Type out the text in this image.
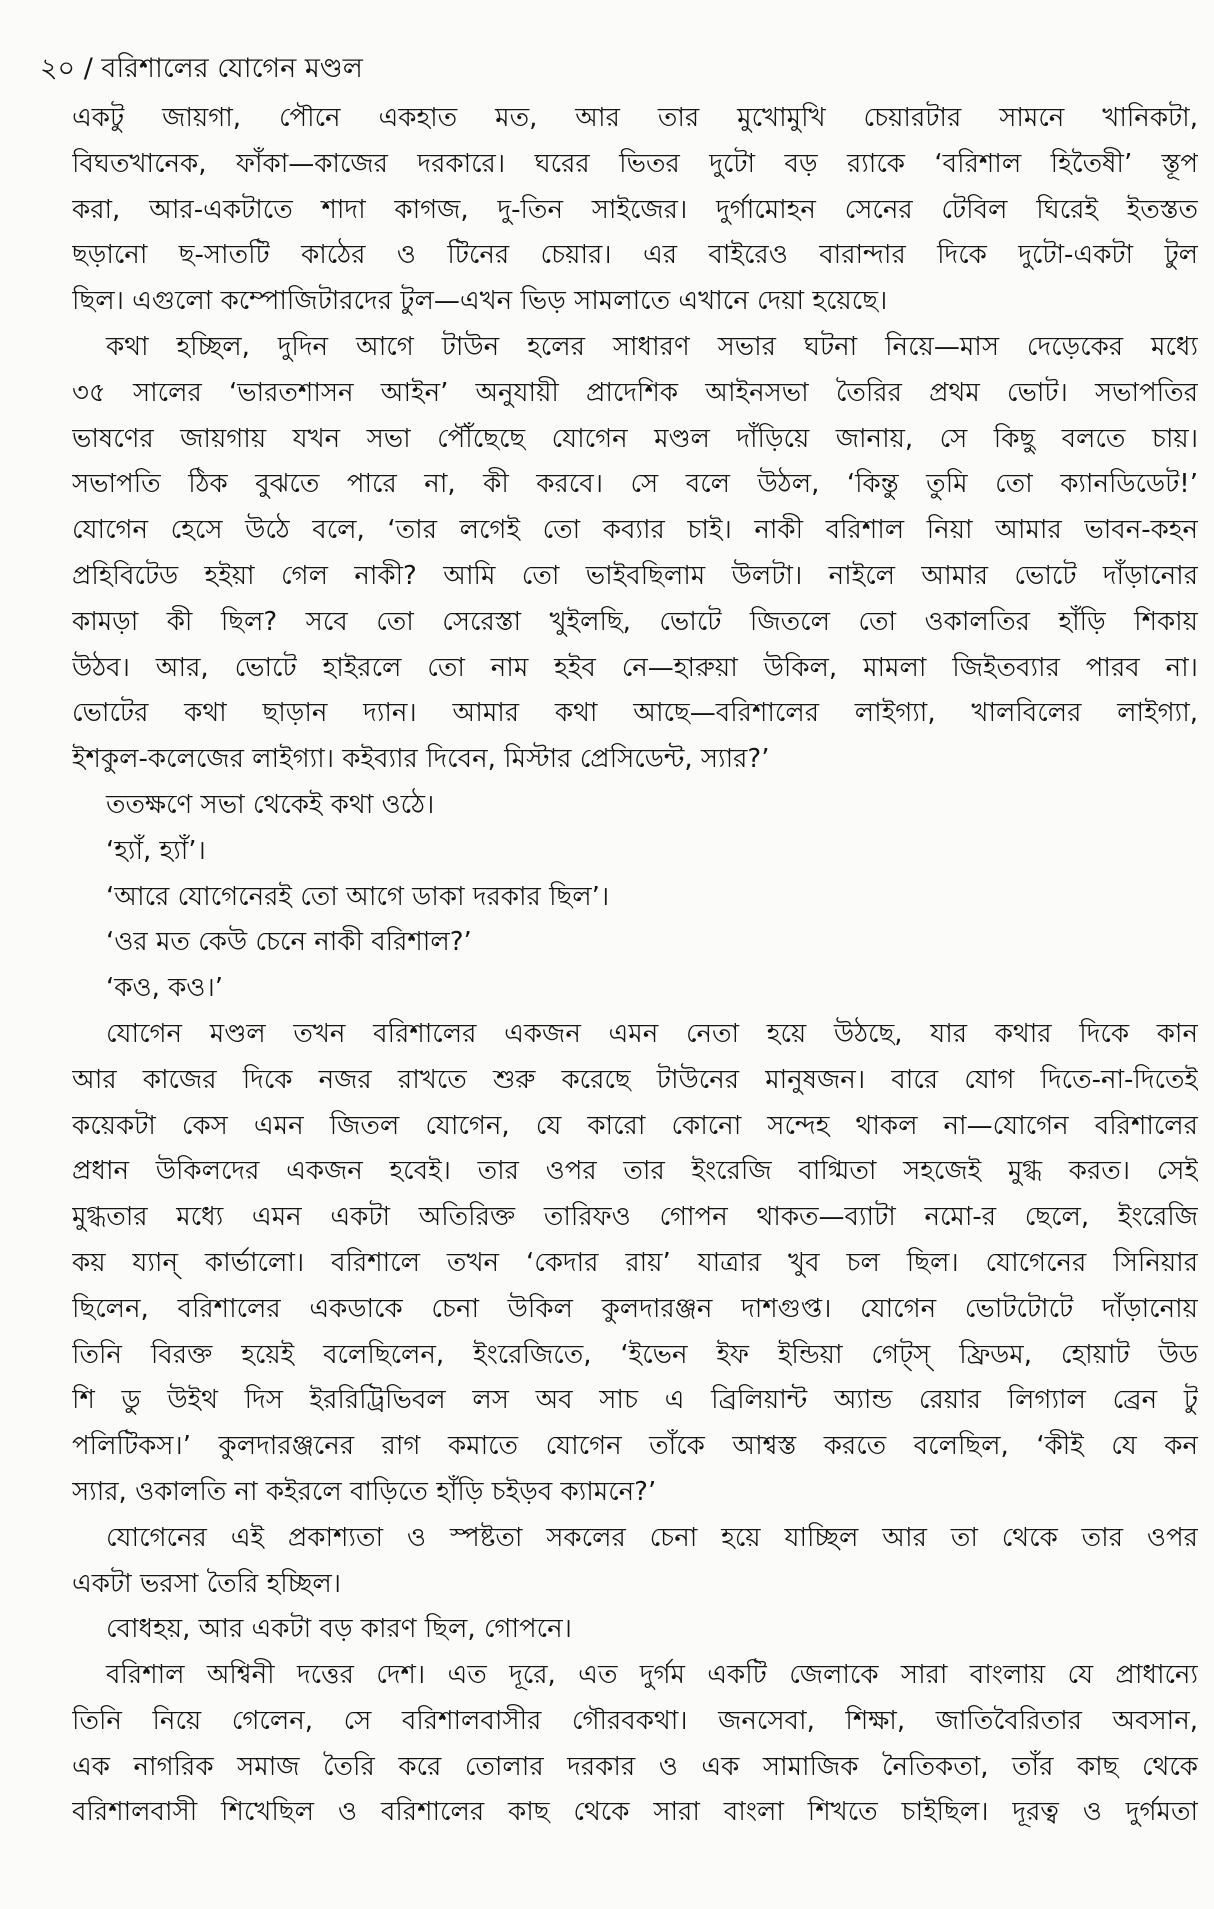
২০ / বরিশালের যোগেন মণ্ডল
একটু জায়গা, পৌনে একহাত মত, আর তার মুখোমুখি চেয়ারটার সামনে খানিকটা,
বিঘতখানেক, ফাঁকা—কাজের দরকারে। ঘরের ভিতর দুটো বড় র‍্যাকে ‘বরিশাল হিতৈষী’ স্তূপ
করা, আর-একটাতে শাদা কাগজ, দু-তিন সাইজের। দুর্গামোহন সেনের টেবিল ঘিরেই ইতস্তত
ছড়ানো ছ-সাতটি কাঠের ও টিনের চেয়ার। এর বাইরেও বারান্দার দিকে দুটো-একটা টুল
ছিল। এগুলো কম্পোজিটারদের টুল—এখন ভিড় সামলাতে এখানে দেয়া হয়েছে।
কথা হচ্ছিল, দুদিন আগে টাউন হলের সাধারণ সভার ঘটনা নিয়ে—মাস দেড়েকের মধ্যে
৩৫ সালের ‘ভারতশাসন আইন’ অনুযায়ী প্রাদেশিক আইনসভা তৈরির প্রথম ভোট। সভাপতির
ভাষণের জায়গায় যখন সভা পৌঁছেছে যোগেন মণ্ডল দাঁড়িয়ে জানায়, সে কিছু বলতে চায়।
সভাপতি ঠিক বুঝতে পারে না, কী করবে। সে বলে উঠল, ‘কিন্তু তুমি তো ক্যানডিডেট!’
যোগেন হেসে উঠে বলে, ‘তার লগেই তো কব্যার চাই। নাকী বরিশাল নিয়া আমার ভাবন-কহন
প্রহিবিটেড হইয়া গেল নাকী? আমি তো ভাইবছিলাম উলটা। নাইলে আমার ভোটে দাঁড়ানোর
কামড়া কী ছিল? সবে তো সেরেস্তা খুইলছি, ভোটে জিতলে তো ওকালতির হাঁড়ি শিকায়
উঠব। আর, ভোটে হাইরলে তো নাম হইব নে—হারুয়া উকিল, মামলা জিইতব্যার পারব না।
ভোটের কথা ছাড়ান দ্যান। আমার কথা আছে—বরিশালের লাইগ্যা, খালবিলের লাইগ্যা,
ইশকুল-কলেজের লাইগ্যা। কইব্যার দিবেন, মিস্টার প্রেসিডেন্ট, স্যার?’
ততক্ষণে সভা থেকেই কথা ওঠে।
‘হ্যাঁ, হ্যাঁ’।
‘আরে যোগেনেরই তো আগে ডাকা দরকার ছিল’।
‘ওর মত কেউ চেনে নাকী বরিশাল?’
‘কও, কও।’
যোগেন মণ্ডল তখন বরিশালের একজন এমন নেতা হয়ে উঠছে, যার কথার দিকে কান
আর কাজের দিকে নজর রাখতে শুরু করেছে টাউনের মানুষজন। বারে যোগ দিতে-না-দিতেই
কয়েকটা কেস এমন জিতল যোগেন, যে কারো কোনো সন্দেহ থাকল না—যোগেন বরিশালের
প্রধান উকিলদের একজন হবেই। তার ওপর তার ইংরেজি বাগ্মিতা সহজেই মুগ্ধ করত। সেই
মুগ্ধতার মধ্যে এমন একটা অতিরিক্ত তারিফও গোপন থাকত—ব্যাটা নমো-র ছেলে, ইংরেজি
কয় য্যান্ কার্ভালো। বরিশালে তখন ‘কেদার রায়’ যাত্রার খুব চল ছিল। যোগেনের সিনিয়ার
ছিলেন, বরিশালের একডাকে চেনা উকিল কুলদারঞ্জন দাশগুপ্ত। যোগেন ভোটটোটে দাঁড়ানোয়
তিনি বিরক্ত হয়েই বলেছিলেন, ইংরেজিতে, ‘ইভেন ইফ ইন্ডিয়া গেট্স্ ফ্রিডম, হোয়াট উড
শি ডু উইথ দিস ইররিট্রিভিবল লস অব সাচ এ ব্রিলিয়ান্ট অ্যান্ড রেয়ার লিগ্যাল ব্রেন টু
পলিটিকস।’ কুলদারঞ্জনের রাগ কমাতে যোগেন তাঁকে আশ্বস্ত করতে বলেছিল, ‘কীই যে কন
স্যার, ওকালতি না কইরলে বাড়িতে হাঁড়ি চইড়ব ক্যামনে?’
যোগেনের এই প্রকাশ্যতা ও স্পষ্টতা সকলের চেনা হয়ে যাচ্ছিল আর তা থেকে তার ওপর
একটা ভরসা তৈরি হচ্ছিল।
বোধহয়, আর একটা বড় কারণ ছিল, গোপনে।
বরিশাল অশ্বিনী দত্তের দেশ। এত দূরে, এত দুর্গম একটি জেলাকে সারা বাংলায় যে প্রাধান্যে
তিনি নিয়ে গেলেন, সে বরিশালবাসীর গৌরবকথা। জনসেবা, শিক্ষা, জাতিবৈরিতার অবসান,
এক নাগরিক সমাজ তৈরি করে তোলার দরকার ও এক সামাজিক নৈতিকতা, তাঁর কাছ থেকে
বরিশালবাসী শিখেছিল ও বরিশালের কাছ থেকে সারা বাংলা শিখতে চাইছিল। দূরত্ব ও দুর্গমতা
